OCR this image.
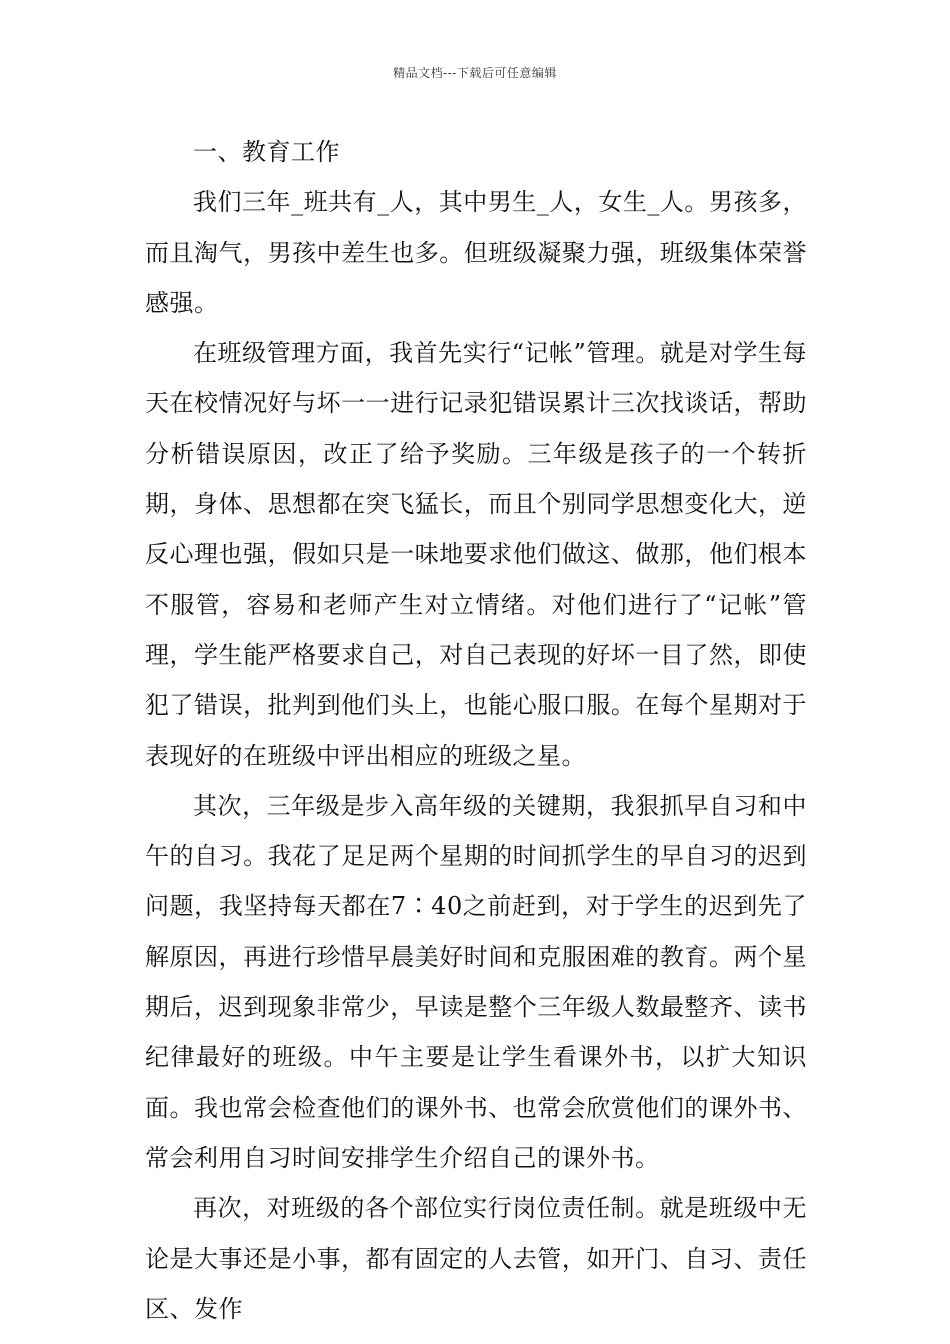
精品文档---下载后可任意编辑

一、教育工作

我们三年_班共有_人，其中男生_人，女生_人。男孩多，而且淘气，男孩中差生也多。但班级凝聚力强，班级集体荣誉感强。

在班级管理方面，我首先实行“记帐”管理。就是对学生每天在校情况好与坏一一进行记录犯错误累计三次找谈话，帮助分析错误原因，改正了给予奖励。三年级是孩子的一个转折期，身体、思想都在突飞猛长，而且个别同学思想变化大，逆反心理也强，假如只是一味地要求他们做这、做那，他们根本不服管，容易和老师产生对立情绪。对他们进行了“记帐”管理，学生能严格要求自己，对自己表现的好坏一目了然，即使犯了错误，批判到他们头上，也能心服口服。在每个星期对于表现好的在班级中评出相应的班级之星。

其次，三年级是步入高年级的关键期，我狠抓早自习和中午的自习。我花了足足两个星期的时间抓学生的早自习的迟到问题，我坚持每天都在7∶40之前赶到，对于学生的迟到先了解原因，再进行珍惜早晨美好时间和克服困难的教育。两个星期后，迟到现象非常少，早读是整个三年级人数最整齐、读书纪律最好的班级。中午主要是让学生看课外书，以扩大知识面。我也常会检查他们的课外书、也常会欣赏他们的课外书、常会利用自习时间安排学生介绍自己的课外书。

再次，对班级的各个部位实行岗位责任制。就是班级中无论是大事还是小事，都有固定的人去管，如开门、自习、责任区、发作
